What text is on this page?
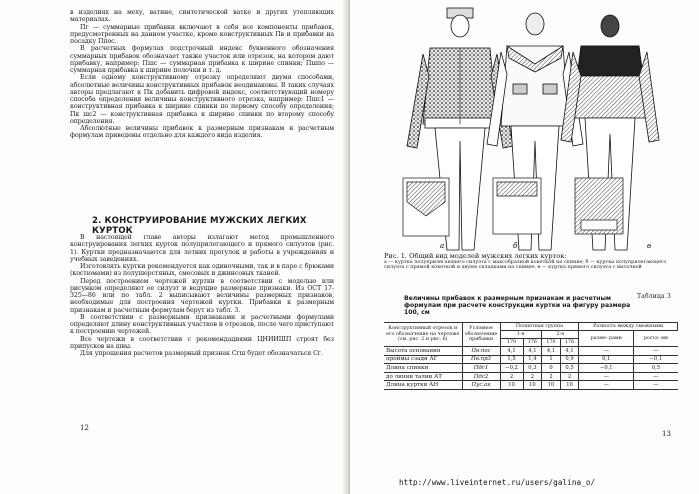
в изделиях на меху, ватине, синтетической ватке и других утепляющих материалах.

Пг — суммарные прибавки включают в себя все компоненты прибавок, предусмотренных на данном участке, кроме конструктивных Пв и прибавки на посадку Ппос.

В расчетных формулах подстрочный индекс буквенного обозначения суммарных прибавок обозначает также участок или отрезок, на котором дают прибавку, например: Пшс — суммарная прибавка к ширине спинки; Пшпо — суммарная прибавка к ширине полочки и т. д.

Если одному конструктивному отрезку определяют двумя способами, абсолютные величины конструктивных прибавок неодинаковы. В таких случаях авторы предлагают к Пк добавить цифровой индекс, соответствующий номеру способа определения величины конструктивного отрезка, например: Пшс1 — конструктивная прибавка к ширине спинки по первому способу определения; Пк шс2 — конструктивная прибавка к ширине спинки по второму способу определения.

Абсолютные величины прибавок к размерным признакам и расчетным формулам приведены отдельно для каждого вида изделия.

2. КОНСТРУИРОВАНИЕ МУЖСКИХ ЛЕГКИХ КУРТОК

В настоящей главе авторы излагают метод промышленного конструирования легких курток полуприлегающего и прямого силуэтов (рис. 1). Куртки предназначаются для летних прогулок и работы в учреждениях и учебных заведениях.

Изготовлять куртки рекомендуется как одиночными, так и в паре с брюками (костюмами) из полушерстяных, смесовых и джинсовых тканей.

Перед построением чертежей куртки в соответствии с моделью или рисунком определяют ее силуэт и ведущие размерные признаки. Из ОСТ 17-325—86 или по табл. 2 выписывают величины размерных признаков, необходимые для построения чертежей куртки. Прибавки к размерным признакам и расчетным формулам берут из табл. 3.

В соответствии с размерными признаками и расчетными формулами определяют длину конструктивных участков и отрезков, после чего приступают к построению чертежей.

Все чертежи в соответствии с рекомендациями ЦНИИШП строят без припусков на швы.

Для упрощения расчетов размерный признак Сгш будет обозначаться Сг.

12
а	б	в
Рис. 1. Общий вид моделей мужских легких курток:
а — куртка полуприлегающего силуэта с максобразной кокеткой на спинке; б — куртка полуприлегающего силуэта с прямой кокеткой и двумя складками на спинке; в — куртка прямого силуэта с вытачкой
Таблица 3
Величины прибавок к размерным признакам и расчетным формулам при расчете конструкции куртки на фигуру размера 100, см
Конструктивный отрезок и его обозначение на чертеже (см. рис. 2 и рис. 6)	Условное обозначение прибавки	Полнотная группа				Разность между смежными	
		1-я		2-я		разме- рами	роста- ми
		170	176	170	176		
Высота основания	Пв.пос	4,1	4,1	4,1	4,1	—	—
проймы сзади АГ	Пв.пр3	1,5	1,4	1	0,9	0,1	−0,1
Длина спинки	Пдс1	−0,2	0,3	0	0,5	−0,1	0,5
до линии талии АТ	Пдс2	2	2	2	2	—	—
Длина куртки АН	Пус.ак	10	10	10	10	—	—
13
http://www.liveinternet.ru/users/galina_o/
